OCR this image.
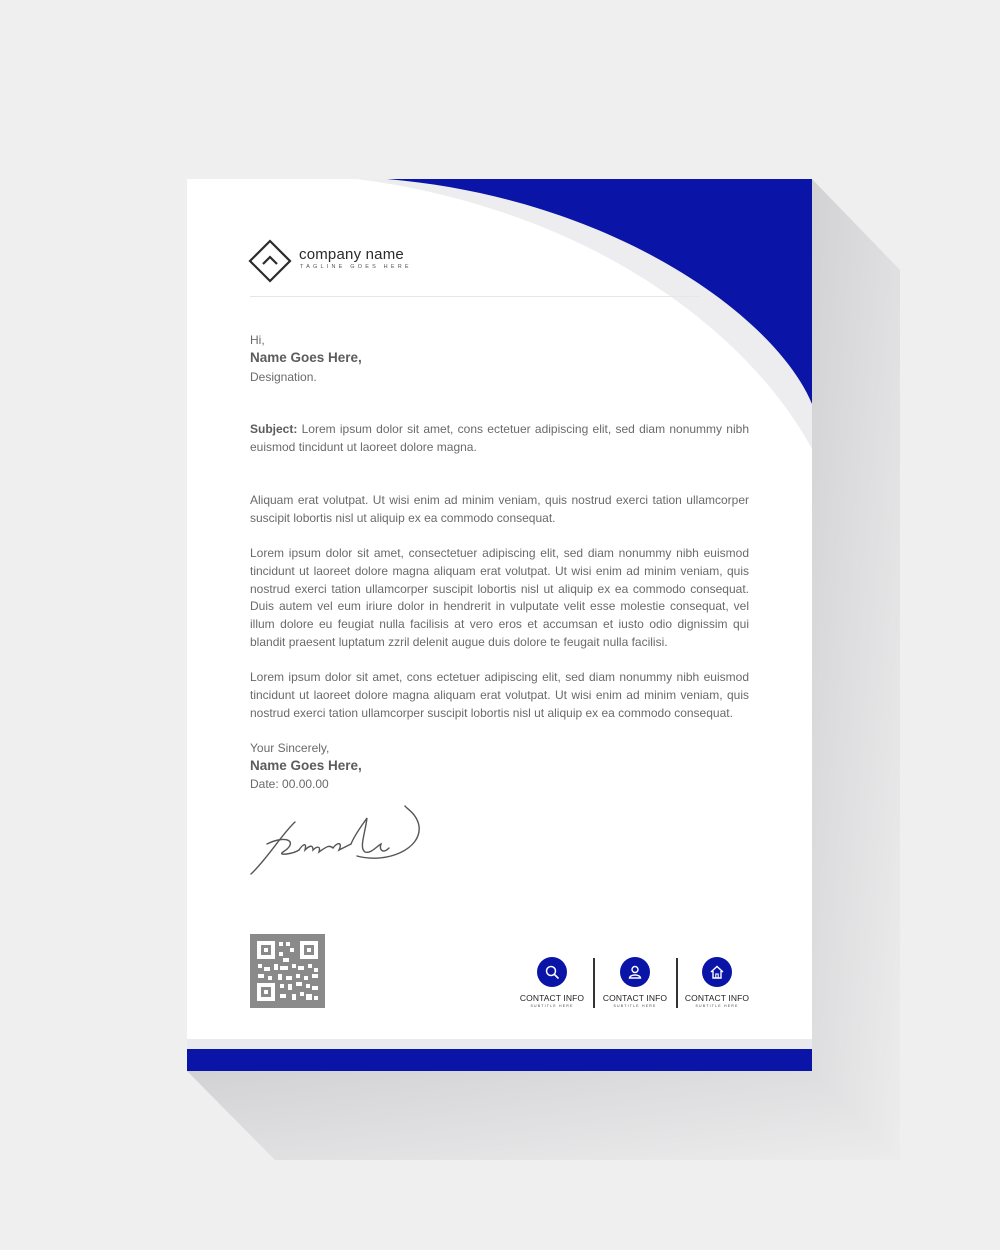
company name
TAGLINE GOES HERE
Hi,
Name Goes Here,
Designation.
Subject: Lorem ipsum dolor sit amet, cons ectetuer adipiscing elit, sed diam nonummy nibh euismod tincidunt ut laoreet dolore magna.
Aliquam erat volutpat. Ut wisi enim ad minim veniam, quis nostrud exerci tation ullamcorper suscipit lobortis nisl ut aliquip ex ea commodo consequat.
Lorem ipsum dolor sit amet, consectetuer adipiscing elit, sed diam nonummy nibh euismod tincidunt ut laoreet dolore magna aliquam erat volutpat. Ut wisi enim ad minim veniam, quis nostrud exerci tation ullamcorper suscipit lobortis nisl ut aliquip ex ea commodo consequat. Duis autem vel eum iriure dolor in hendrerit in vulputate velit esse molestie consequat, vel illum dolore eu feugiat nulla facilisis at vero eros et accumsan et iusto odio dignissim qui blandit praesent luptatum zzril delenit augue duis dolore te feugait nulla facilisi.
Lorem ipsum dolor sit amet, cons ectetuer adipiscing elit, sed diam nonummy nibh euismod tincidunt ut laoreet dolore magna aliquam erat volutpat. Ut wisi enim ad minim veniam, quis nostrud exerci tation ullamcorper suscipit lobortis nisl ut aliquip ex ea commodo consequat.
Your Sincerely,
Name Goes Here,
Date: 00.00.00
CONTACT INFO
SUBTITLE HERE
CONTACT INFO
SUBTITLE HERE
CONTACT INFO
SUBTITLE HERE
